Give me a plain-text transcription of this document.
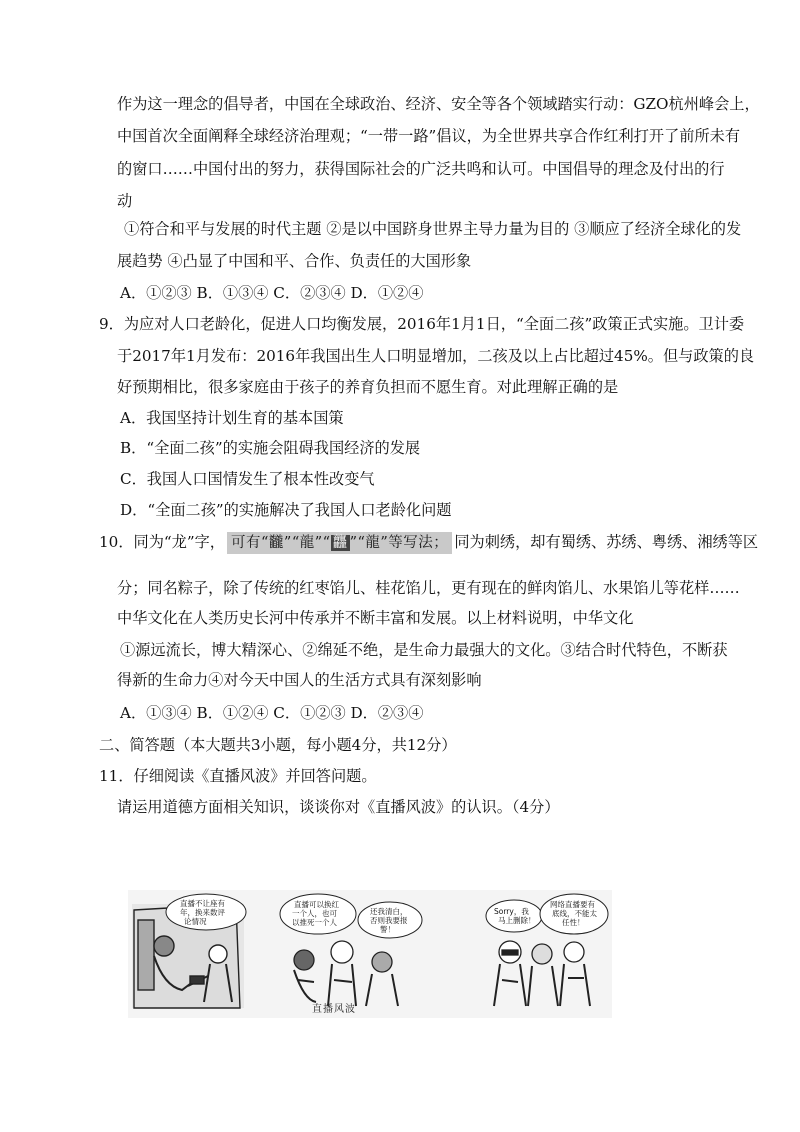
作为这一理念的倡导者，中国在全球政治、经济、安全等各个领域踏实行动：GZO杭州峰会上，
中国首次全面阐释全球经济治理观；“一带一路”倡议，为全世界共享合作红利打开了前所未有
的窗口……中国付出的努力，获得国际社会的广泛共鸣和认可。中国倡导的理念及付出的行
动
①符合和平与发展的时代主题 ②是以中国跻身世界主导力量为目的 ③顺应了经济全球化的发
展趋势 ④凸显了中国和平、合作、负责任的大国形象
A．①②③ B．①③④ C．②③④ D．①②④
9．为应对人口老龄化，促进人口均衡发展，2016年1月1日，“全面二孩”政策正式实施。卫计委
于2017年1月发布：2016年我国出生人口明显增加，二孩及以上占比超过45%。但与政策的良
好预期相比，很多家庭由于孩子的养育负担而不愿生育。对此理解正确的是
A．我国坚持计划生育的基本国策
B．“全面二孩”的实施会阻碍我国经济的发展
C．我国人口国情发生了根本性改变气
D．“全面二孩”的实施解决了我国人口老龄化问题
10．同为“龙”字， 可有“龖”“龍”“ 龘 ”“龍”等写法； 同为刺绣，却有蜀绣、苏绣、粤绣、湘绣等区
分；同名粽子，除了传统的红枣馅儿、桂花馅儿，更有现在的鲜肉馅儿、水果馅儿等花样……
中华文化在人类历史长河中传承并不断丰富和发展。以上材料说明，中华文化
①源远流长，博大精深心、②绵延不绝，是生命力最强大的文化。③结合时代特色，不断获
得新的生命力④对今天中国人的生活方式具有深刻影响
A．①③④ B．①②④ C．①②③ D．②③④
二、简答题（本大题共3小题，每小题4分，共12分）
11．仔细阅读《直播风波》并回答问题。
请运用道德方面相关知识，谈谈你对《直播风波》的认识。（4分）
直播不让座有
年，换来数评
论情况
直播可以换红
一个人，也可
以推死一个人
还我清白，
否则我要报
警！
Sorry，我
马上删除！
网络直播要有
底线，不能太
任性！
直播风波
